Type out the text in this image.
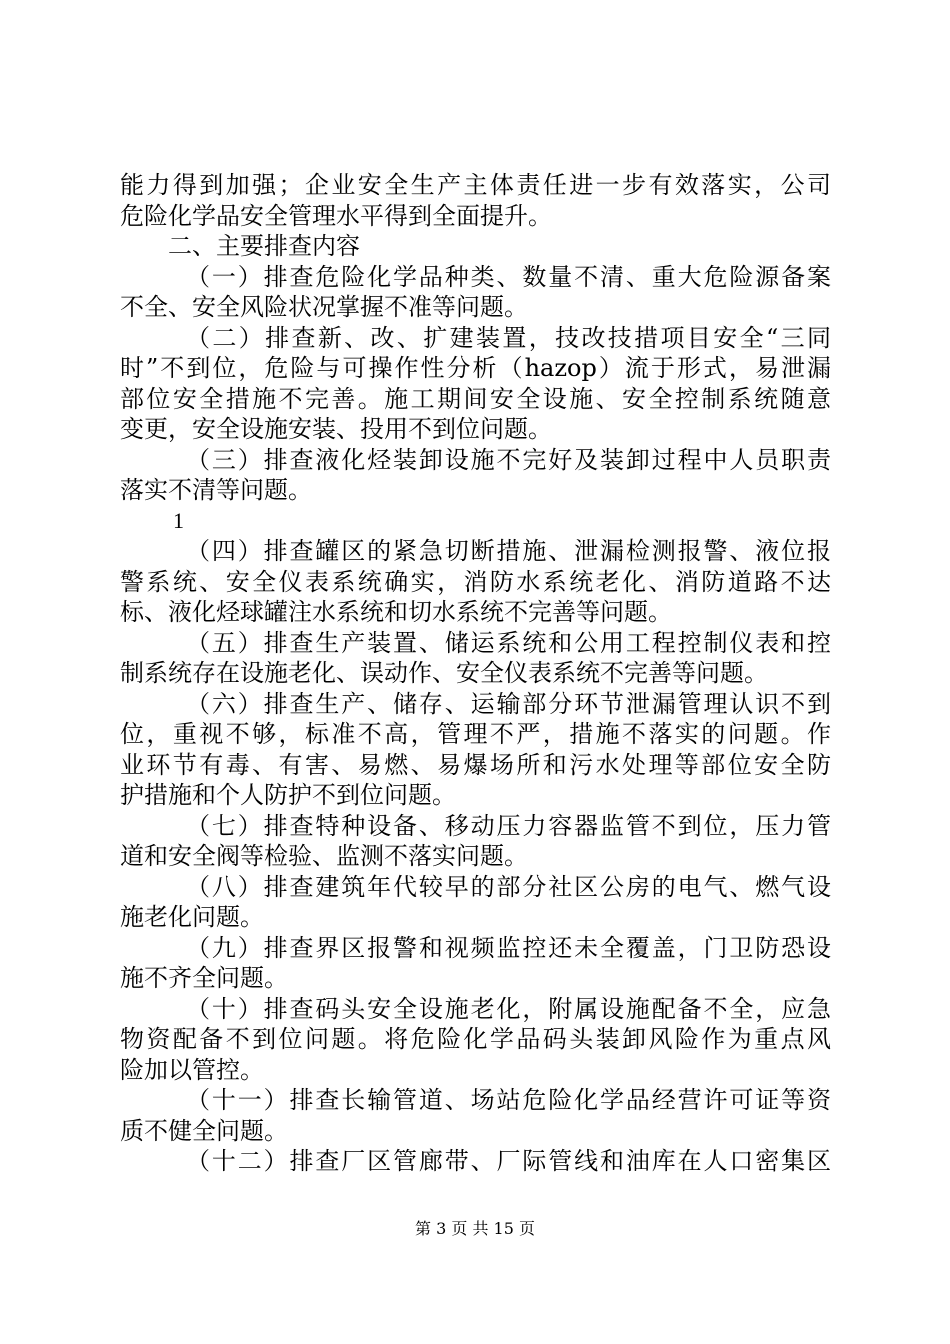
能力得到加强；企业安全生产主体责任进一步有效落实，公司
危险化学品安全管理水平得到全面提升。
二、主要排查内容
（一）排查危险化学品种类、数量不清、重大危险源备案
不全、安全风险状况掌握不准等问题。
（二）排查新、改、扩建装置，技改技措项目安全“三同
时”不到位，危险与可操作性分析（hazop）流于形式，易泄漏
部位安全措施不完善。施工期间安全设施、安全控制系统随意
变更，安全设施安装、投用不到位问题。
（三）排查液化烃装卸设施不完好及装卸过程中人员职责
落实不清等问题。
1
（四）排查罐区的紧急切断措施、泄漏检测报警、液位报
警系统、安全仪表系统确实，消防水系统老化、消防道路不达
标、液化烃球罐注水系统和切水系统不完善等问题。
（五）排查生产装置、储运系统和公用工程控制仪表和控
制系统存在设施老化、误动作、安全仪表系统不完善等问题。
（六）排查生产、储存、运输部分环节泄漏管理认识不到
位，重视不够，标准不高，管理不严，措施不落实的问题。作
业环节有毒、有害、易燃、易爆场所和污水处理等部位安全防
护措施和个人防护不到位问题。
（七）排查特种设备、移动压力容器监管不到位，压力管
道和安全阀等检验、监测不落实问题。
（八）排查建筑年代较早的部分社区公房的电气、燃气设
施老化问题。
（九）排查界区报警和视频监控还未全覆盖，门卫防恐设
施不齐全问题。
（十）排查码头安全设施老化，附属设施配备不全，应急
物资配备不到位问题。将危险化学品码头装卸风险作为重点风
险加以管控。
（十一）排查长输管道、场站危险化学品经营许可证等资
质不健全问题。
（十二）排查厂区管廊带、厂际管线和油库在人口密集区
第 3 页 共 15 页
